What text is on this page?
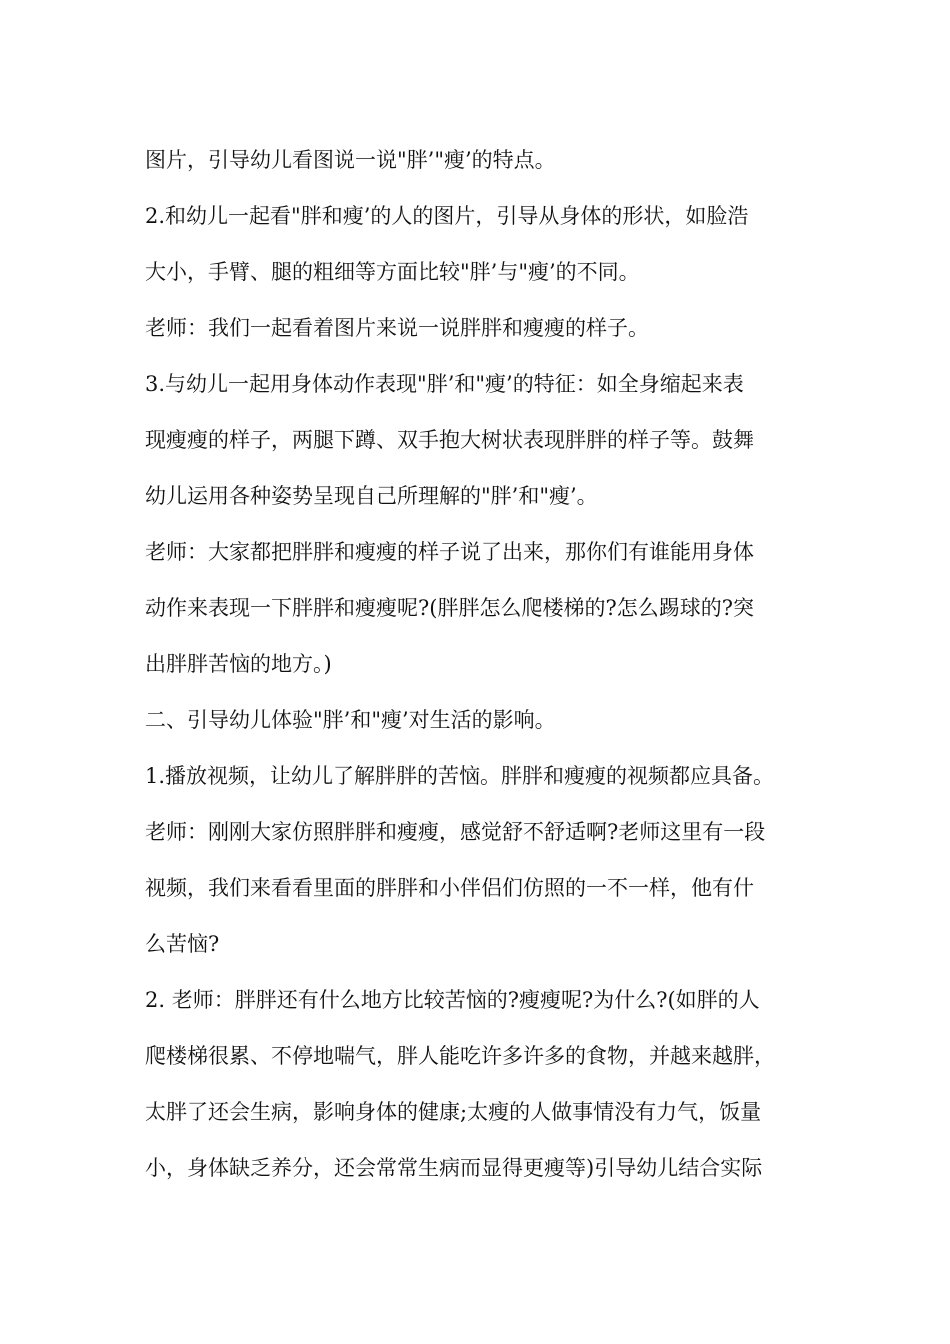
图片，引导幼儿看图说一说"胖’"瘦’的特点。
2.和幼儿一起看"胖和瘦’的人的图片，引导从身体的形状，如脸浩
大小，手臂、腿的粗细等方面比较"胖’与"瘦’的不同。
老师：我们一起看着图片来说一说胖胖和瘦瘦的样子。
3.与幼儿一起用身体动作表现"胖’和"瘦’的特征：如全身缩起来表
现瘦瘦的样子，两腿下蹲、双手抱大树状表现胖胖的样子等。鼓舞
幼儿运用各种姿势呈现自己所理解的"胖’和"瘦’。
老师：大家都把胖胖和瘦瘦的样子说了出来，那你们有谁能用身体
动作来表现一下胖胖和瘦瘦呢?(胖胖怎么爬楼梯的?怎么踢球的?突
出胖胖苦恼的地方。)
二、引导幼儿体验"胖’和"瘦’对生活的影响。
1.播放视频，让幼儿了解胖胖的苦恼。胖胖和瘦瘦的视频都应具备。
老师：刚刚大家仿照胖胖和瘦瘦，感觉舒不舒适啊?老师这里有一段
视频，我们来看看里面的胖胖和小伴侣们仿照的一不一样，他有什
么苦恼?
2. 老师：胖胖还有什么地方比较苦恼的?瘦瘦呢?为什么?(如胖的人
爬楼梯很累、不停地喘气，胖人能吃许多许多的食物，并越来越胖，
太胖了还会生病，影响身体的健康;太瘦的人做事情没有力气，饭量
小，身体缺乏养分，还会常常生病而显得更瘦等)引导幼儿结合实际
